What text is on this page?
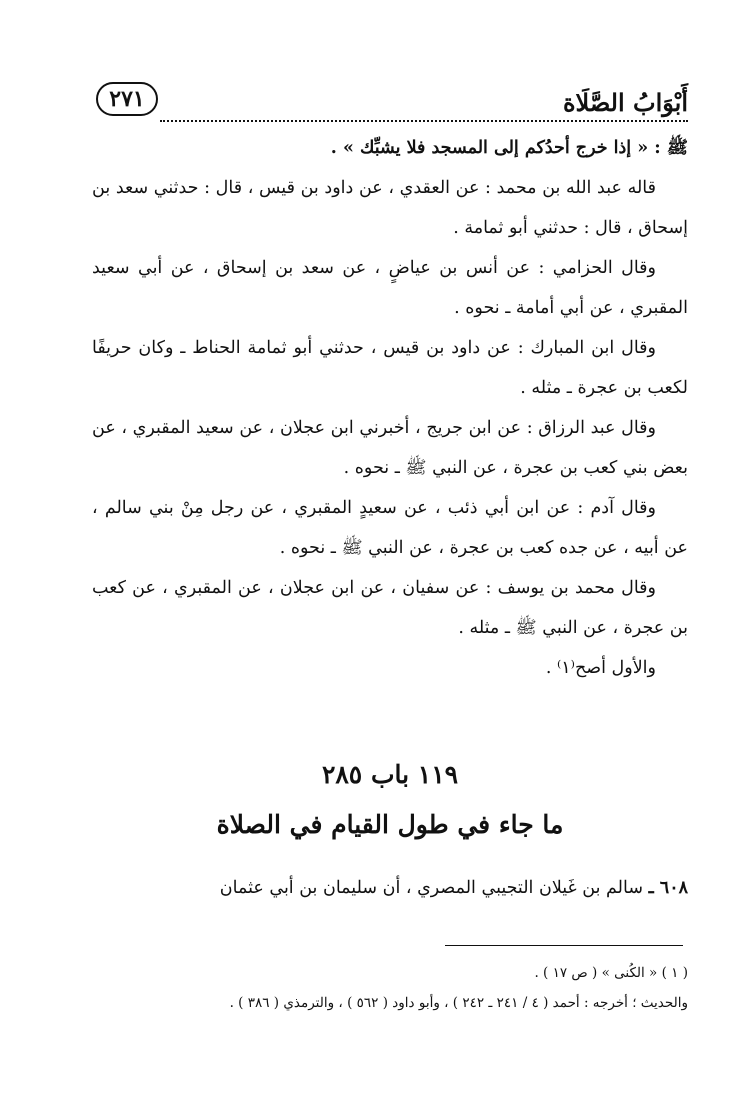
أَبْوَابُ الصَّلَاة
٢٧١

ﷺ : « إذا خرج أحدُكم إلى المسجد فلا يشبِّك » .

قاله عبد الله بن محمد : عن العقدي ، عن داود بن قيس ، قال : حدثني سعد بن إسحاق ، قال : حدثني أبو ثمامة .

وقال الحزامي : عن أنس بن عياضٍ ، عن سعد بن إسحاق ، عن أبي سعيد المقبري ، عن أبي أمامة ـ نحوه .

وقال ابن المبارك : عن داود بن قيس ، حدثني أبو ثمامة الحناط ـ وكان حريفًا لكعب بن عجرة ـ مثله .

وقال عبد الرزاق : عن ابن جريج ، أخبرني ابن عجلان ، عن سعيد المقبري ، عن بعض بني كعب بن عجرة ، عن النبي ﷺ ـ نحوه .

وقال آدم : عن ابن أبي ذئب ، عن سعيدٍ المقبري ، عن رجل مِنْ بني سالم ، عن أبيه ، عن جده كعب بن عجرة ، عن النبي ﷺ ـ نحوه .

وقال محمد بن يوسف : عن سفيان ، عن ابن عجلان ، عن المقبري ، عن كعب بن عجرة ، عن النبي ﷺ ـ مثله .

والأول أصح⁽١⁾ .

١١٩ باب ٢٨٥
ما جاء في طول القيام في الصلاة
٦٠٨ ـ سالم بن غَيلان التجيبي المصري ، أن سليمان بن أبي عثمان

( ١ ) « الكُنى » ( ص ١٧ ) .

والحديث ؛ أخرجه : أحمد ( ٤ / ٢٤١ ـ ٢٤٢ ) ، وأبو داود ( ٥٦٢ ) ، والترمذي ( ٣٨٦ ) .
